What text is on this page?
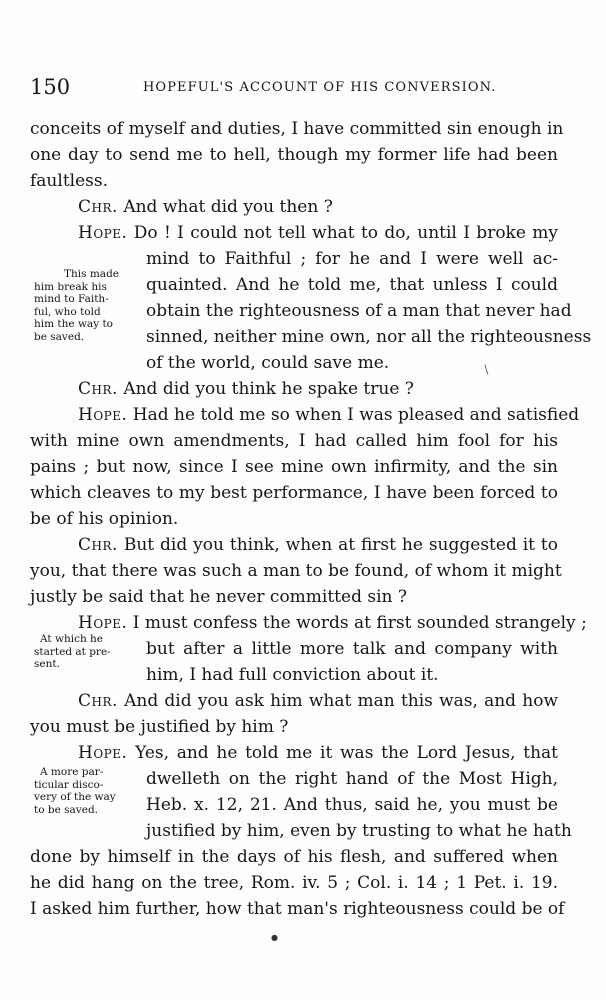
150	HOPEFUL'S ACCOUNT OF HIS CONVERSION.
conceits of myself and duties, I have committed sin enough in
one day to send me to hell, though my former life had been
faultless.
Chr. And what did you then ?
Hope. Do ! I could not tell what to do, until I broke my
mind to Faithful ; for he and I were well ac-
quainted. And he told me, that unless I could
obtain the righteousness of a man that never had
sinned, neither mine own, nor all the righteousness
of the world, could save me.	∖
Chr. And did you think he spake true ?
Hope. Had he told me so when I was pleased and satisfied
with mine own amendments, I had called him fool for his
pains ; but now, since I see mine own infirmity, and the sin
which cleaves to my best performance, I have been forced to
be of his opinion.
Chr. But did you think, when at first he suggested it to
you, that there was such a man to be found, of whom it might
justly be said that he never committed sin ?
Hope. I must confess the words at first sounded strangely ;
but after a little more talk and company with
him, I had full conviction about it.
Chr. And did you ask him what man this was, and how
you must be justified by him ?
Hope. Yes, and he told me it was the Lord Jesus, that
dwelleth on the right hand of the Most High,
Heb. x. 12, 21. And thus, said he, you must be
justified by him, even by trusting to what he hath
done by himself in the days of his flesh, and suffered when
he did hang on the tree, Rom. iv. 5 ; Col. i. 14 ; 1 Pet. i. 19.
I asked him further, how that man's righteousness could be of
This made
him break his
mind to Faith-
ful, who told
him the way to
be saved.
At which he
started at pre-
sent.
A more par-
ticular disco-
very of the way
to be saved.
′
●
